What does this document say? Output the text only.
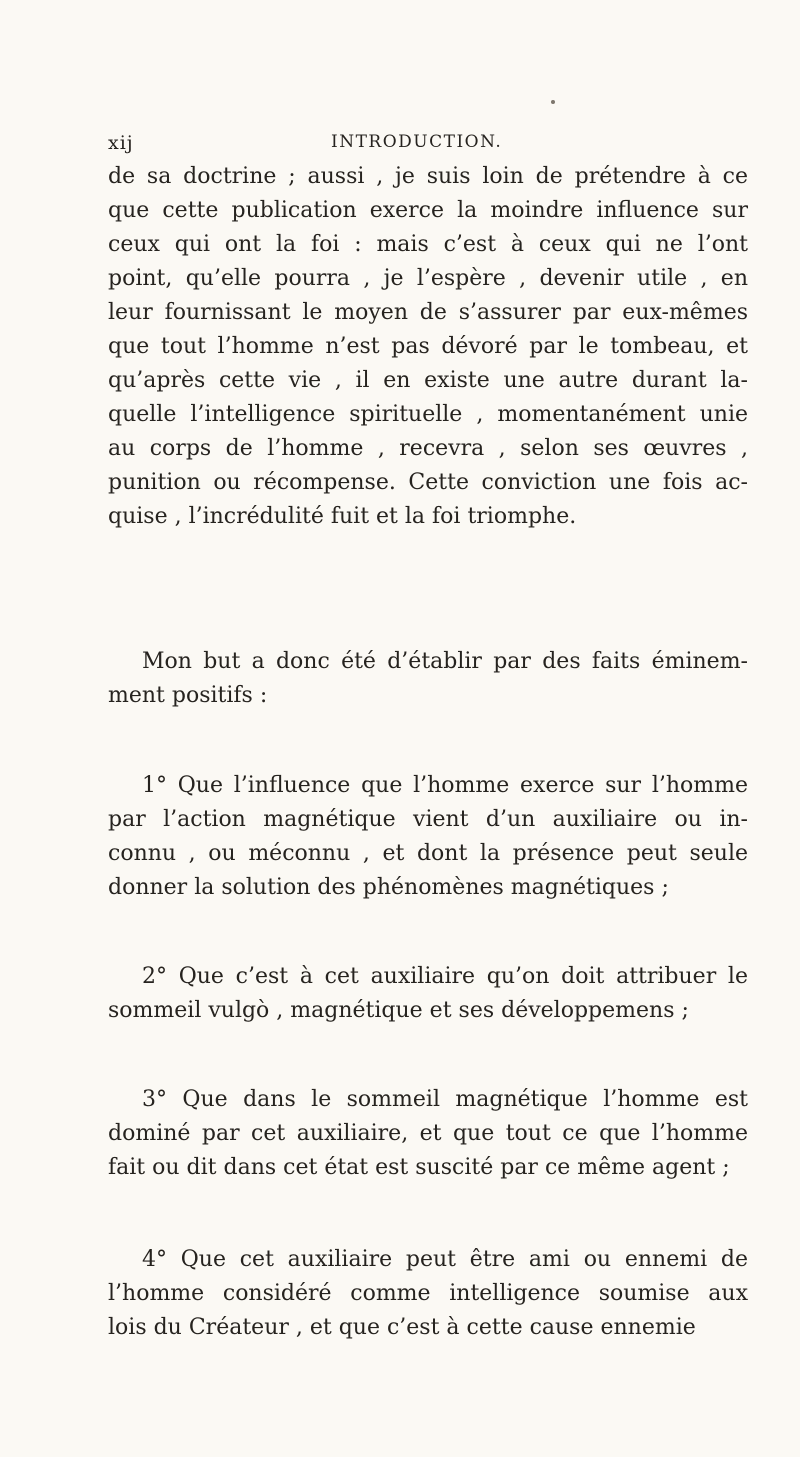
xij	INTRODUCTION.
de sa doctrine ; aussi , je suis loin de prétendre à ce
que cette publication exerce la moindre influence sur
ceux qui ont la foi : mais c’est à ceux qui ne l’ont
point, qu’elle pourra , je l’espère , devenir utile , en
leur fournissant le moyen de s’assurer par eux-mêmes
que tout l’homme n’est pas dévoré par le tombeau, et
qu’après cette vie , il en existe une autre durant la-
quelle l’intelligence spirituelle , momentanément unie
au corps de l’homme , recevra , selon ses œuvres ,
punition ou récompense. Cette conviction une fois ac-
quise , l’incrédulité fuit et la foi triomphe.
Mon but a donc été d’établir par des faits éminem-
ment positifs :
1° Que l’influence que l’homme exerce sur l’homme
par l’action magnétique vient d’un auxiliaire ou in-
connu , ou méconnu , et dont la présence peut seule
donner la solution des phénomènes magnétiques ;
2° Que c’est à cet auxiliaire qu’on doit attribuer le
sommeil vulgò , magnétique et ses développemens ;
3° Que dans le sommeil magnétique l’homme est
dominé par cet auxiliaire, et que tout ce que l’homme
fait ou dit dans cet état est suscité par ce même agent ;
4° Que cet auxiliaire peut être ami ou ennemi de
l’homme considéré comme intelligence soumise aux
lois du Créateur , et que c’est à cette cause ennemie
